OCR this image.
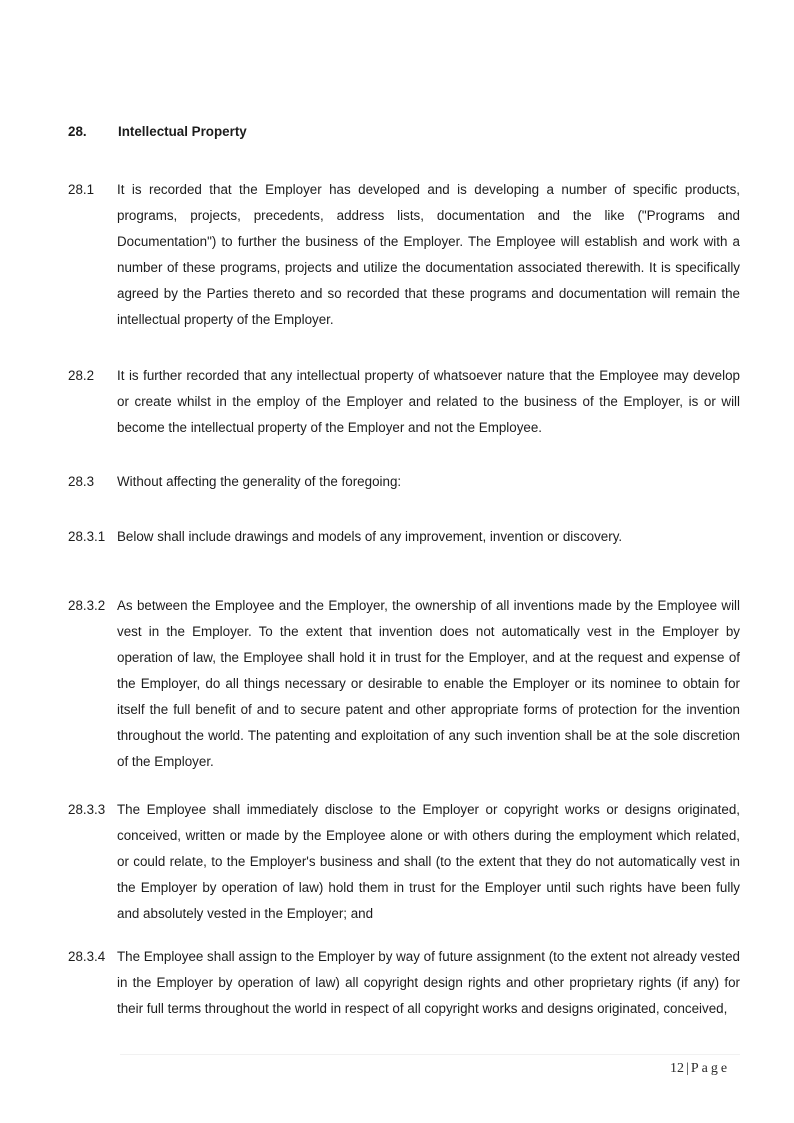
28. Intellectual Property
28.1 It is recorded that the Employer has developed and is developing a number of specific products, programs, projects, precedents, address lists, documentation and the like ("Programs and Documentation") to further the business of the Employer. The Employee will establish and work with a number of these programs, projects and utilize the documentation associated therewith. It is specifically agreed by the Parties thereto and so recorded that these programs and documentation will remain the intellectual property of the Employer.
28.2 It is further recorded that any intellectual property of whatsoever nature that the Employee may develop or create whilst in the employ of the Employer and related to the business of the Employer, is or will become the intellectual property of the Employer and not the Employee.
28.3 Without affecting the generality of the foregoing:
28.3.1 Below shall include drawings and models of any improvement, invention or discovery.
28.3.2 As between the Employee and the Employer, the ownership of all inventions made by the Employee will vest in the Employer. To the extent that invention does not automatically vest in the Employer by operation of law, the Employee shall hold it in trust for the Employer, and at the request and expense of the Employer, do all things necessary or desirable to enable the Employer or its nominee to obtain for itself the full benefit of and to secure patent and other appropriate forms of protection for the invention throughout the world. The patenting and exploitation of any such invention shall be at the sole discretion of the Employer.
28.3.3 The Employee shall immediately disclose to the Employer or copyright works or designs originated, conceived, written or made by the Employee alone or with others during the employment which related, or could relate, to the Employer's business and shall (to the extent that they do not automatically vest in the Employer by operation of law) hold them in trust for the Employer until such rights have been fully and absolutely vested in the Employer; and
28.3.4 The Employee shall assign to the Employer by way of future assignment (to the extent not already vested in the Employer by operation of law) all copyright design rights and other proprietary rights (if any) for their full terms throughout the world in respect of all copyright works and designs originated, conceived,
12 | Page
